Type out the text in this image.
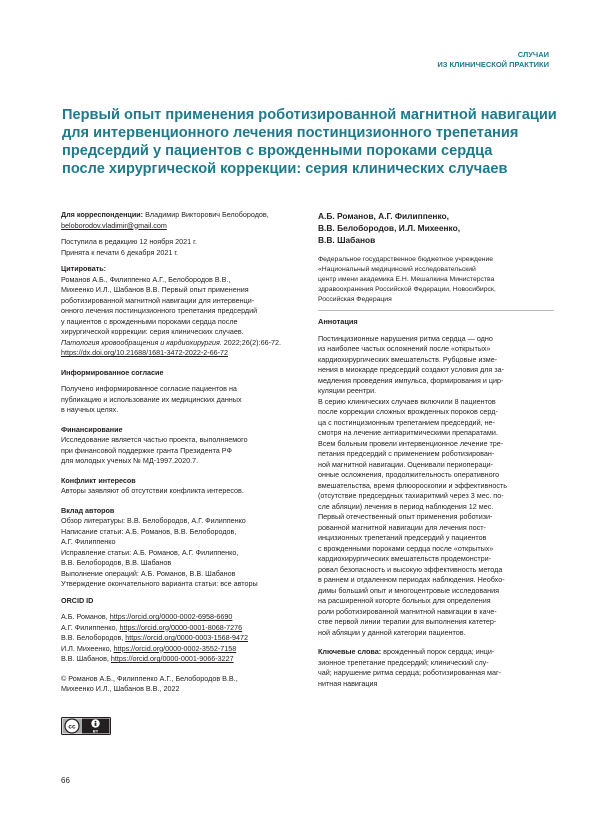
СЛУЧАИ
ИЗ КЛИНИЧЕСКОЙ ПРАКТИКИ
Первый опыт применения роботизированной магнитной навигации
для интервенционного лечения постинцизионного трепетания
предсердий у пациентов с врожденными пороками сердца
после хирургической коррекции: серия клинических случаев
Для корреспонденции: Владимир Викторович Белобородов,
beloborodov.vladimir@gmail.com
Поступила в редакцию 12 ноября 2021 г.
Принята к печати 6 декабря 2021 г.
Цитировать:
Романов А.Б., Филиппенко А.Г., Белобородов В.В.,
Михеенко И.Л., Шабанов В.В. Первый опыт применения
роботизированной магнитной навигации для интервенци-
онного лечения постинцизионного трепетания предсердий
у пациентов с врожденными пороками сердца после
хирургической коррекции: серия клинических случаев.
Патология кровообращения и кардиохирургия. 2022;26(2):66-72.
https://dx.doi.org/10.21688/1681-3472-2022-2-66-72
Информированное согласие
Получено информированное согласие пациентов на
публикацию и использование их медицинских данных
в научных целях.
Финансирование
Исследование является частью проекта, выполняемого
при финансовой поддержке гранта Президента РФ
для молодых ученых № МД-1997.2020.7.
Конфликт интересов
Авторы заявляют об отсутствии конфликта интересов.
Вклад авторов
Обзор литературы: В.В. Белобородов, А.Г. Филиппенко
Написание статьи: А.Б. Романов, В.В. Белобородов,
А.Г. Филиппенко
Исправление статьи: А.Б. Романов, А.Г. Филиппенко,
В.В. Белобородов, В.В. Шабанов
Выполнение операций: А.Б. Романов, В.В. Шабанов
Утверждение окончательного варианта статьи: все авторы
ORCID ID
А.Б. Романов, https://orcid.org/0000-0002-6958-6690
А.Г. Филиппенко, https://orcid.org/0000-0001-8068-7276
В.В. Белобородов, https://orcid.org/0000-0003-1568-9472
И.Л. Михеенко, https://orcid.org/0000-0002-3552-7158
В.В. Шабанов, https://orcid.org/0000-0001-9066-3227
© Романов А.Б., Филиппенко А.Г., Белобородов В.В.,
Михеенко И.Л., Шабанов В.В., 2022
cc
BY
66
А.Б. Романов, А.Г. Филиппенко,
В.В. Белобородов, И.Л. Михеенко,
В.В. Шабанов
Федеральное государственное бюджетное учреждение
«Национальный медицинский исследовательский
центр имени академика Е.Н. Мешалкина Министерства
здравоохранения Российской Федерации, Новосибирск,
Российская Федерация
Аннотация
Постинцизионные нарушения ритма сердца — одно
из наиболее частых осложнений после «открытых»
кардиохирургических вмешательств. Рубцовые изме-
нения в миокарде предсердий создают условия для за-
медления проведения импульса, формирования и цир-
куляции реентри.
В серию клинических случаев включили 8 пациентов
после коррекции сложных врожденных пороков серд-
ца с постинцизионным трепетанием предсердий, не-
смотря на лечение антиаритмическими препаратами.
Всем больным провели интервенционное лечение тре-
петания предсердий с применением роботизирован-
ной магнитной навигации. Оценивали периопераци-
онные осложнения, продолжительность оперативного
вмешательства, время флюороскопии и эффективность
(отсутствие предсердных тахиаритмий через 3 мес. по-
сле абляции) лечения в период наблюдения 12 мес.
Первый отечественный опыт применения роботизи-
рованной магнитной навигации для лечения пост-
инцизионных трепетаний предсердий у пациентов
с врожденными пороками сердца после «открытых»
кардиохирургических вмешательств продемонстри-
ровал безопасность и высокую эффективность метода
в раннем и отдаленном периодах наблюдения. Необхо-
димы больший опыт и многоцентровые исследования
на расширенной когорте больных для определения
роли роботизированной магнитной навигации в каче-
стве первой линии терапии для выполнения катетер-
ной абляции у данной категории пациентов.
Ключевые слова: врожденный порок сердца; инци-
зионное трепетание предсердий; клинический слу-
чай; нарушение ритма сердца; роботизированная маг-
нитная навигация
